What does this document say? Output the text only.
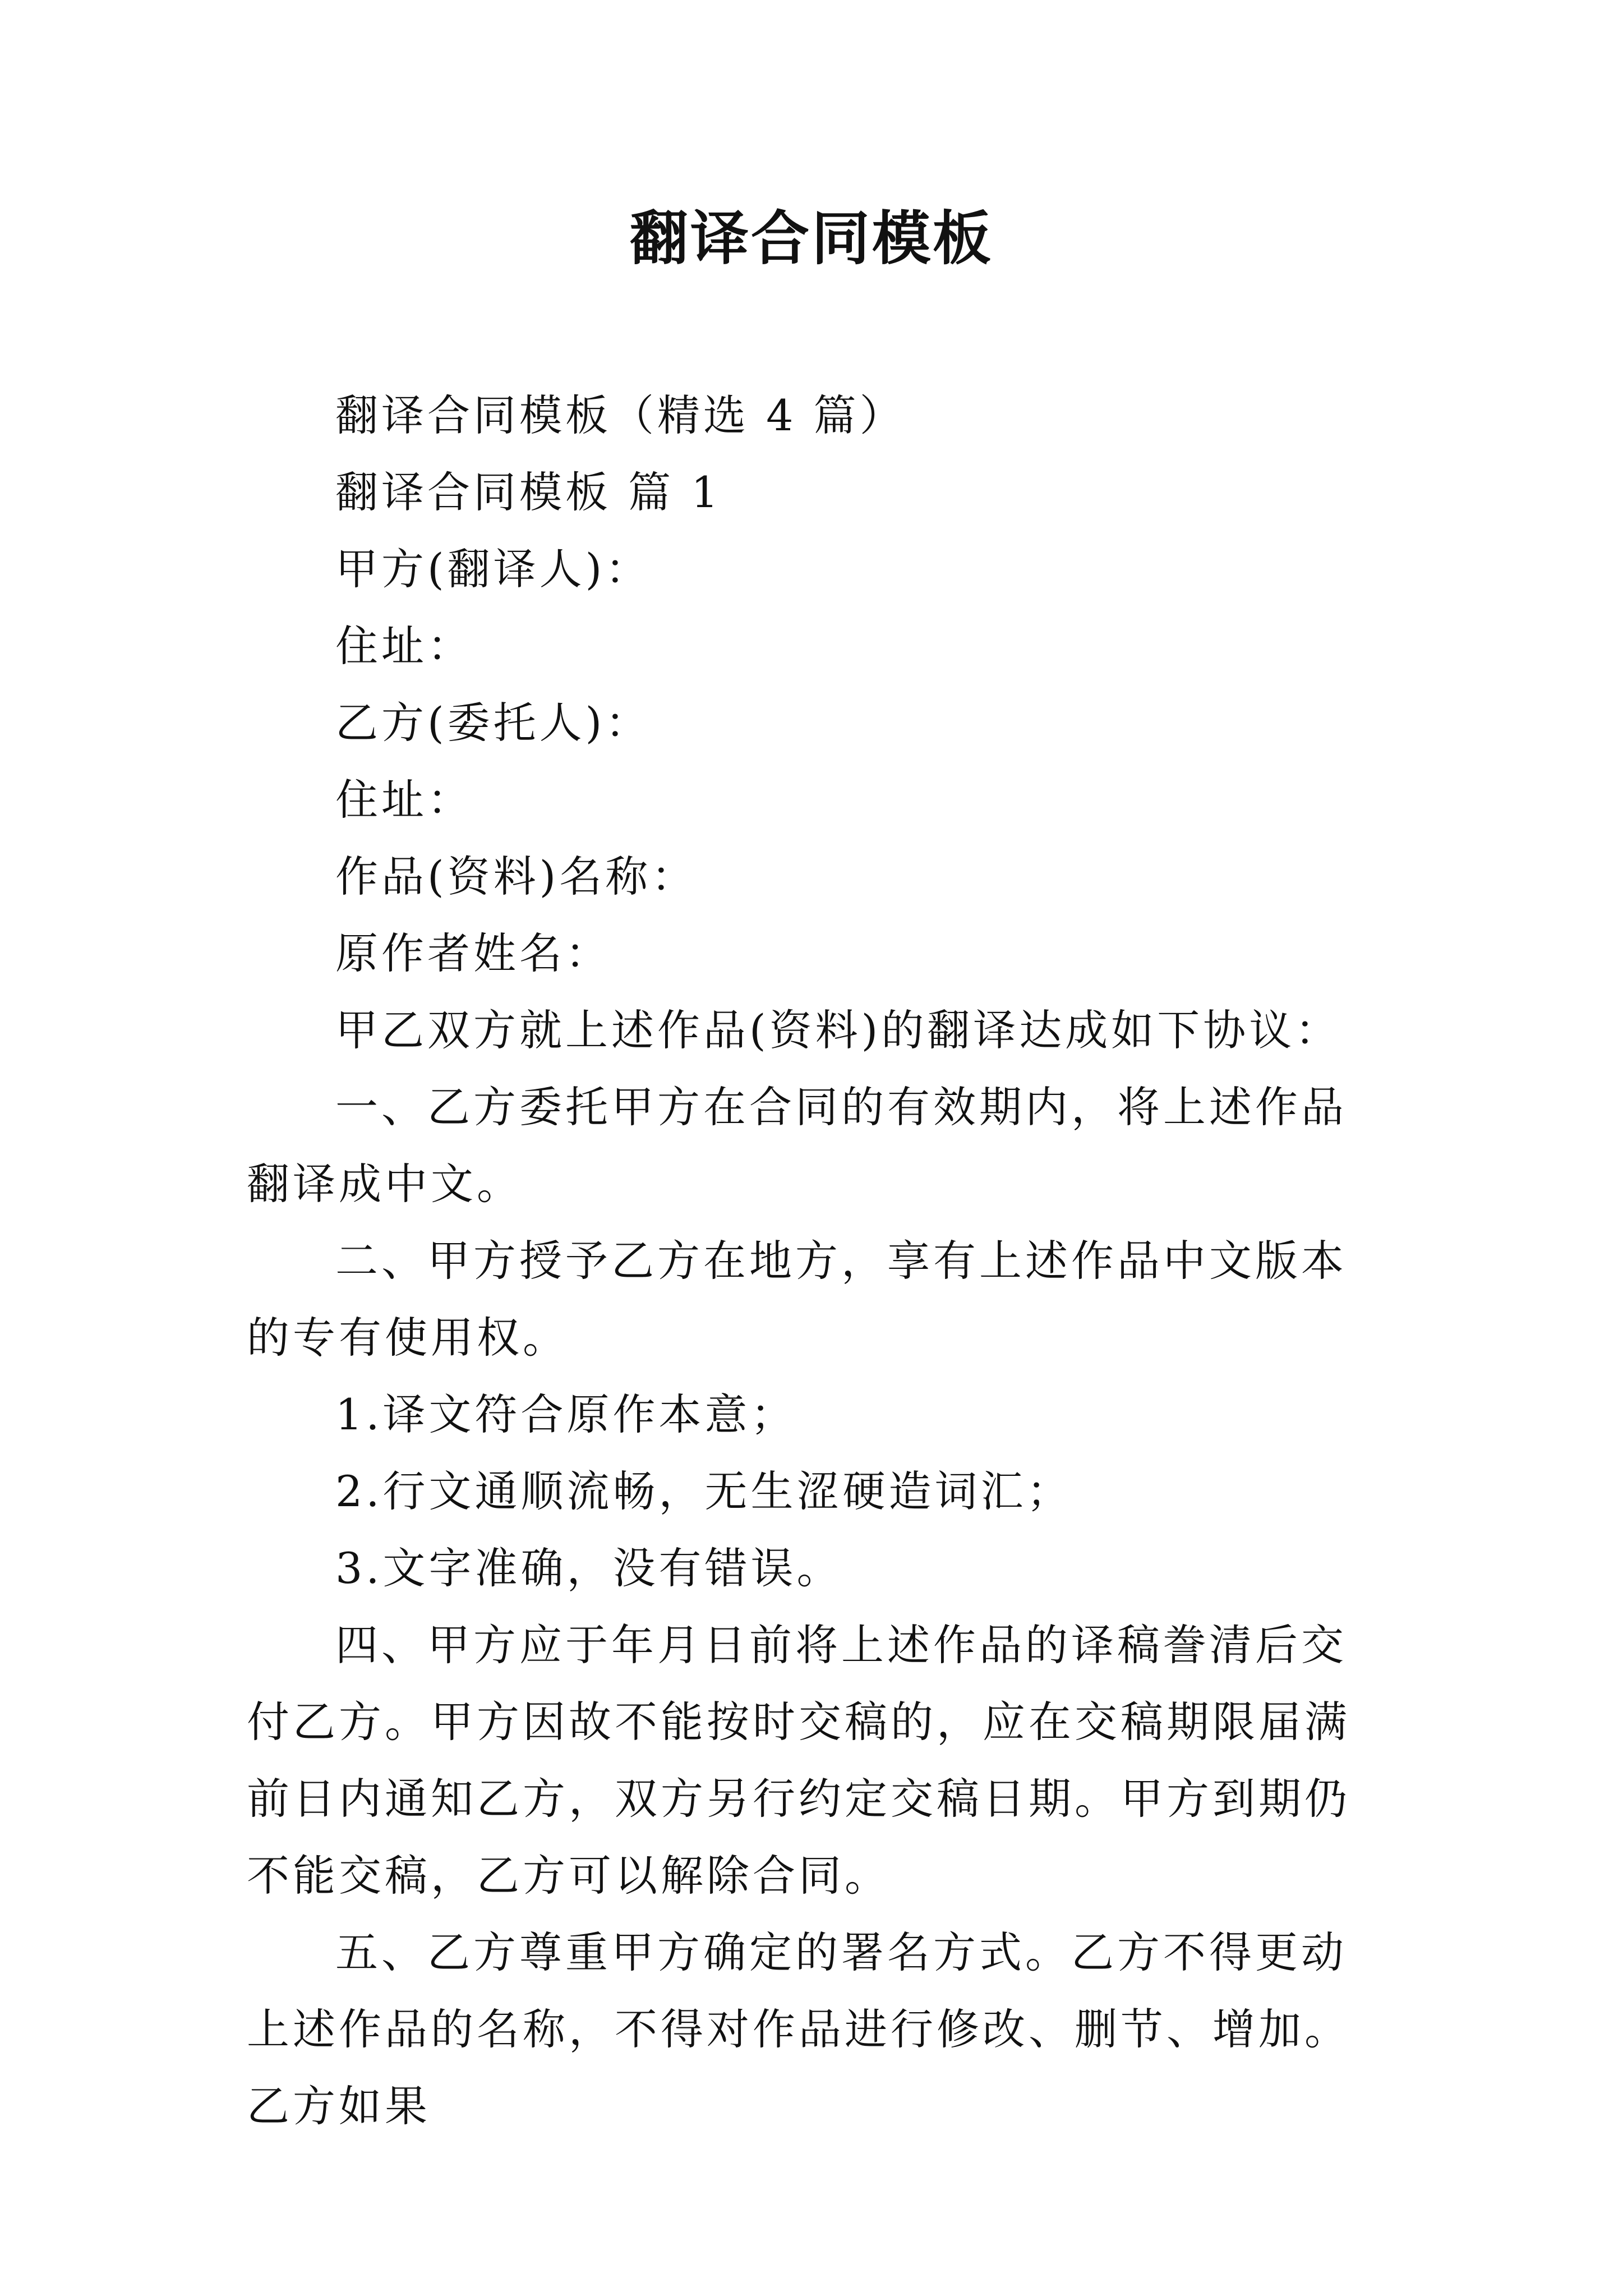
翻译合同模板

翻译合同模板（精选 4 篇）

翻译合同模板 篇 1

甲方(翻译人)：

住址：

乙方(委托人)：

住址：

作品(资料)名称：

原作者姓名：

甲乙双方就上述作品(资料)的翻译达成如下协议：

一、乙方委托甲方在合同的有效期内，将上述作品翻译成中文。

二、甲方授予乙方在地方，享有上述作品中文版本的专有使用权。

1.译文符合原作本意；

2.行文通顺流畅，无生涩硬造词汇；

3.文字准确，没有错误。

四、甲方应于年月日前将上述作品的译稿誊清后交付乙方。甲方因故不能按时交稿的，应在交稿期限届满前日内通知乙方，双方另行约定交稿日期。甲方到期仍不能交稿，乙方可以解除合同。

五、乙方尊重甲方确定的署名方式。乙方不得更动上述作品的名称，不得对作品进行修改、删节、增加。乙方如果
